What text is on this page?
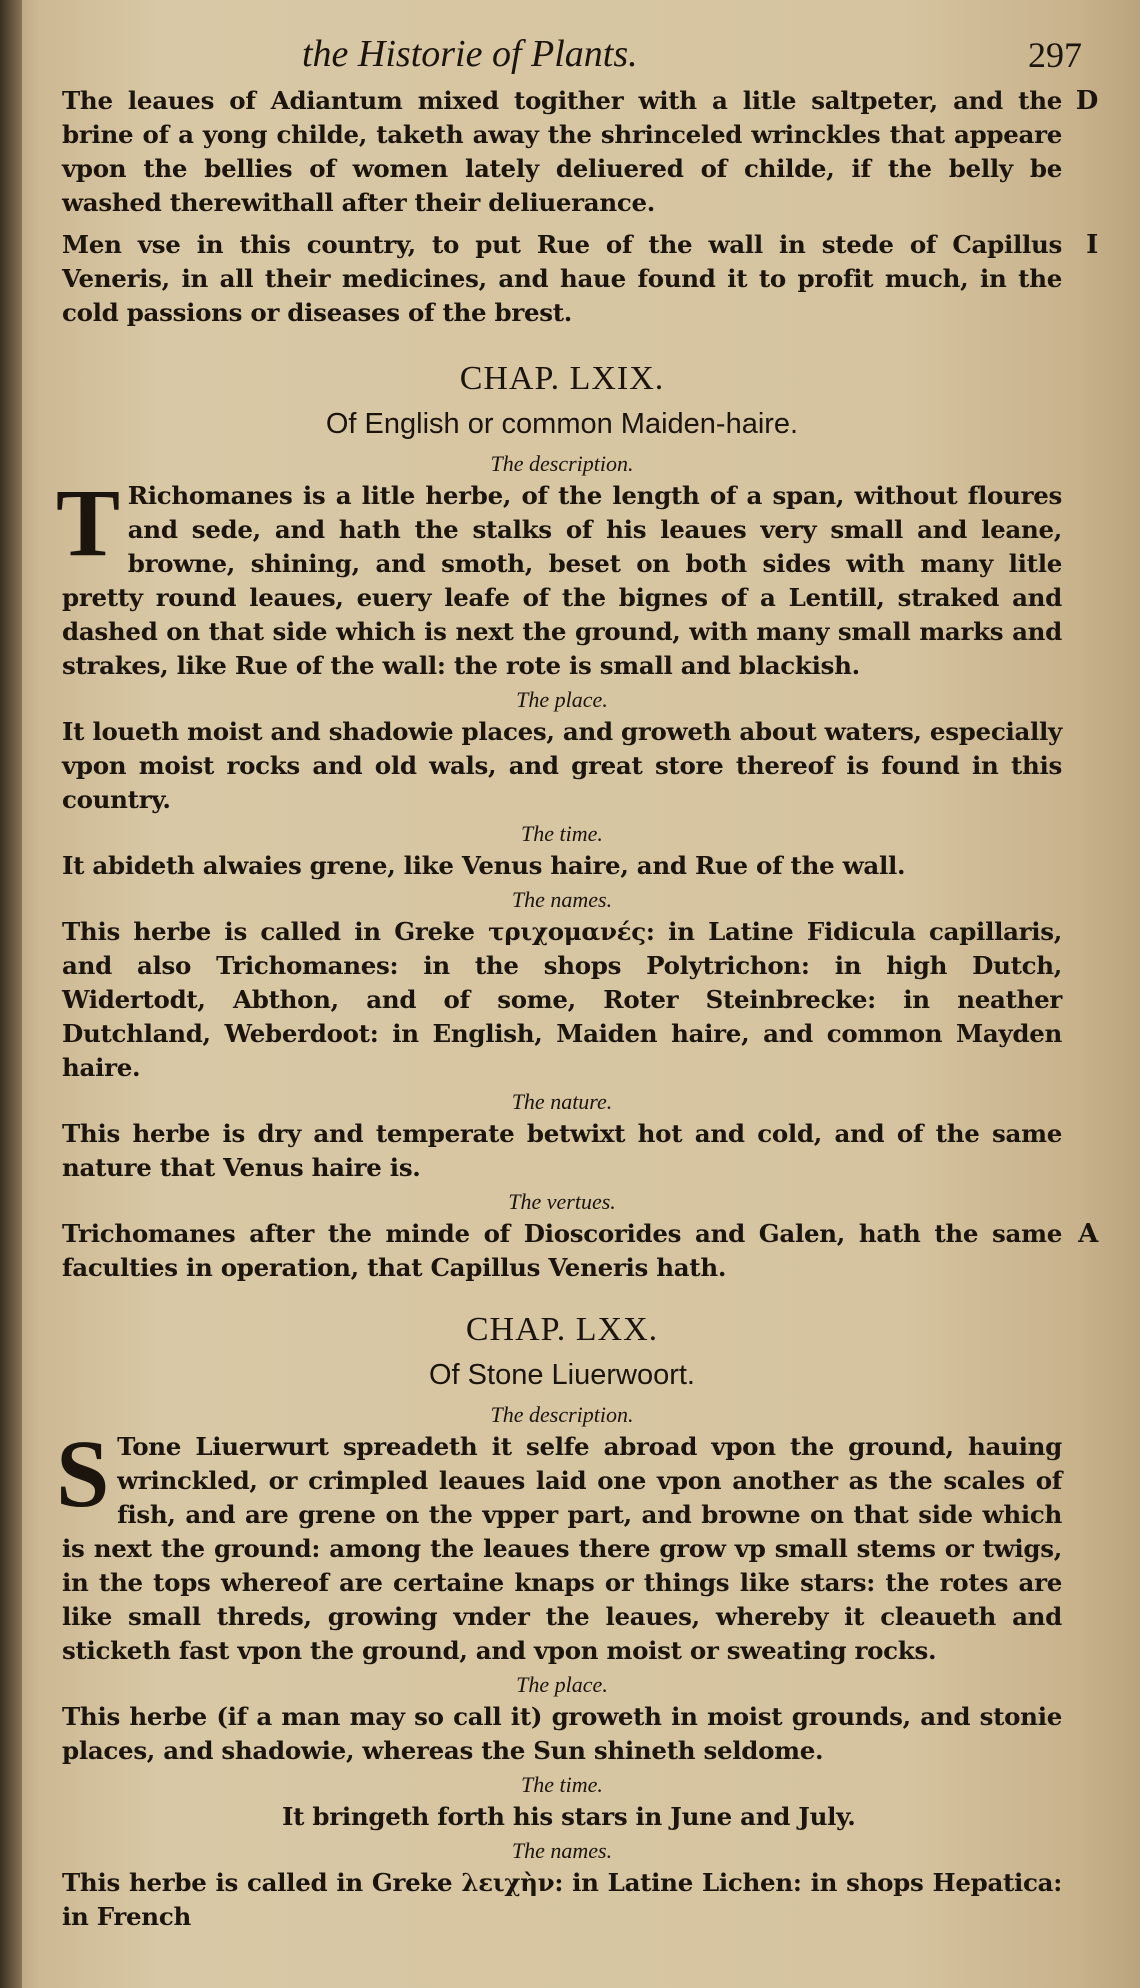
the Historie of Plants.	297

The leaues of Adiantum mixed togither with a litle saltpeter, and the brine of a yong childe, taketh away the shrinceled wrinckles that appeare vpon the bellies of women lately deliuered of childe, if the belly be washed therewithall after their deliuerance.
D

Men vse in this country, to put Rue of the wall in stede of Capillus Veneris, in all their medicines, and haue found it to profit much, in the cold passions or diseases of the brest.
I

CHAP. LXIX.
Of English or common Maiden-haire.
The description.

T Richomanes is a litle herbe, of the length of a span, without floures and sede, and hath the stalks of his leaues very small and leane, browne, shining, and smoth, beset on both sides with many litle pretty round leaues, euery leafe of the bignes of a Lentill, straked and dashed on that side which is next the ground, with many small marks and strakes, like Rue of the wall: the rote is small and blackish.

The place.

It loueth moist and shadowie places, and groweth about waters, especially vpon moist rocks and old wals, and great store thereof is found in this country.

The time.

It abideth alwaies grene, like Venus haire, and Rue of the wall.

The names.

This herbe is called in Greke τριχομανές: in Latine Fidicula capillaris, and also Trichomanes: in the shops Polytrichon: in high Dutch, Widertodt, Abthon, and of some, Roter Steinbrecke: in neather Dutchland, Weberdoot: in English, Maiden haire, and common Mayden haire.

The nature.

This herbe is dry and temperate betwixt hot and cold, and of the same nature that Venus haire is.

The vertues.

Trichomanes after the minde of Dioscorides and Galen, hath the same faculties in operation, that Capillus Veneris hath.
A

CHAP. LXX.
Of Stone Liuerwoort.
The description.

S Tone Liuerwurt spreadeth it selfe abroad vpon the ground, hauing wrinckled, or crimpled leaues laid one vpon another as the scales of fish, and are grene on the vpper part, and browne on that side which is next the ground: among the leaues there grow vp small stems or twigs, in the tops whereof are certaine knaps or things like stars: the rotes are like small threds, growing vnder the leaues, whereby it cleaueth and sticketh fast vpon the ground, and vpon moist or sweating rocks.

The place.

This herbe (if a man may so call it) groweth in moist grounds, and stonie places, and shadowie, whereas the Sun shineth seldome.

The time.

It bringeth forth his stars in June and July.

The names.

This herbe is called in Greke λειχὴν: in Latine Lichen: in shops Hepatica: in French
